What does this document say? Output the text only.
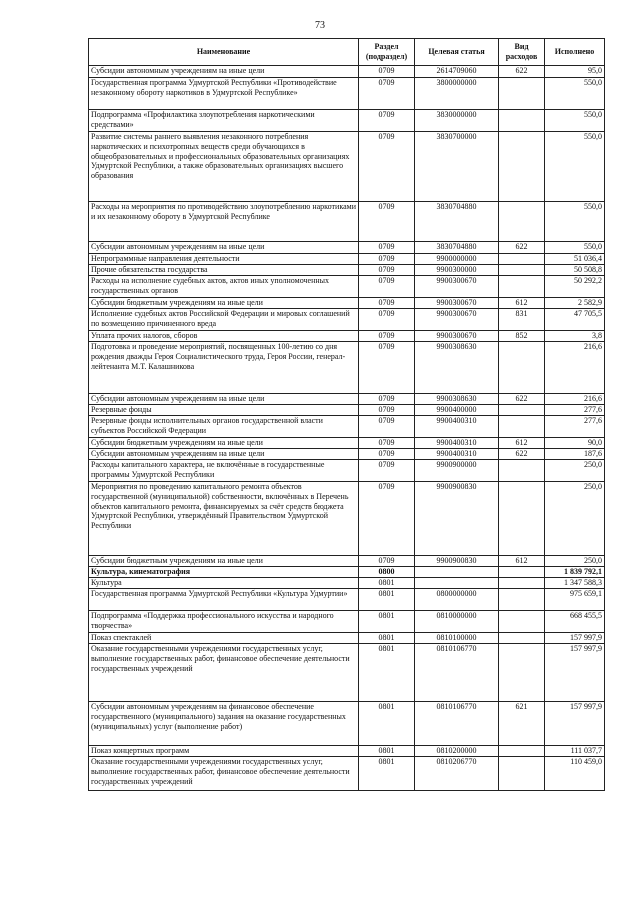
73
Наименование	Раздел (подраздел)	Целевая статья	Вид расходов	Исполнено
Субсидии автономным учреждениям на иные цели	0709	2614709060	622	95,0
Государственная программа Удмуртской Республики «Противодействие незаконному обороту наркотиков в Удмуртской Республике»	0709	3800000000		550,0
Подпрограмма «Профилактика злоупотребления наркотическими средствами»	0709	3830000000		550,0
Развитие системы раннего выявления незаконного потребления наркотических и психотропных веществ среди обучающихся в общеобразовательных и профессиональных образовательных организациях Удмуртской Республики, а также образовательных организациях высшего образования	0709	3830700000		550,0
Расходы на мероприятия по противодействию злоупотреблению наркотиками и их незаконному обороту в Удмуртской Республике	0709	3830704880		550,0
Субсидии автономным учреждениям на иные цели	0709	3830704880	622	550,0
Непрограммные направления деятельности	0709	9900000000		51 036,4
Прочие обязательства государства	0709	9900300000		50 508,8
Расходы на исполнение судебных актов, актов иных уполномоченных государственных органов	0709	9900300670		50 292,2
Субсидии бюджетным учреждениям на иные цели	0709	9900300670	612	2 582,9
Исполнение судебных актов Российской Федерации и мировых соглашений по возмещению причиненного вреда	0709	9900300670	831	47 705,5
Уплата прочих налогов, сборов	0709	9900300670	852	3,8
Подготовка и проведение мероприятий, посвященных 100-летию со дня рождения дважды Героя Социалистического труда, Героя России, генерал-лейтенанта М.Т. Калашникова	0709	9900308630		216,6
Субсидии автономным учреждениям на иные цели	0709	9900308630	622	216,6
Резервные фонды	0709	9900400000		277,6
Резервные фонды исполнительных органов государственной власти субъектов Российской Федерации	0709	9900400310		277,6
Субсидии бюджетным учреждениям на иные цели	0709	9900400310	612	90,0
Субсидии автономным учреждениям на иные цели	0709	9900400310	622	187,6
Расходы капитального характера, не включённые в государственные программы Удмуртской Республики	0709	9900900000		250,0
Мероприятия по проведению капитального ремонта объектов государственной (муниципальной) собственности, включённых в Перечень объектов капитального ремонта, финансируемых за счёт средств бюджета Удмуртской Республики, утверждённый Правительством Удмуртской Республики	0709	9900900830		250,0
Субсидии бюджетным учреждениям на иные цели	0709	9900900830	612	250,0
Культура, кинематография	0800			1 839 792,1
Культура	0801			1 347 588,3
Государственная программа Удмуртской Республики «Культура Удмуртии»	0801	0800000000		975 659,1
Подпрограмма «Поддержка профессионального искусства и народного творчества»	0801	0810000000		668 455,5
Показ спектаклей	0801	0810100000		157 997,9
Оказание государственными учреждениями государственных услуг, выполнение государственных работ, финансовое обеспечение деятельности государственных учреждений	0801	0810106770		157 997,9
Субсидии автономным учреждениям на финансовое обеспечение государственного (муниципального) задания на оказание государственных (муниципальных) услуг (выполнение работ)	0801	0810106770	621	157 997,9
Показ концертных программ	0801	0810200000		111 037,7
Оказание государственными учреждениями государственных услуг, выполнение государственных работ, финансовое обеспечение деятельности государственных учреждений	0801	0810206770		110 459,0
